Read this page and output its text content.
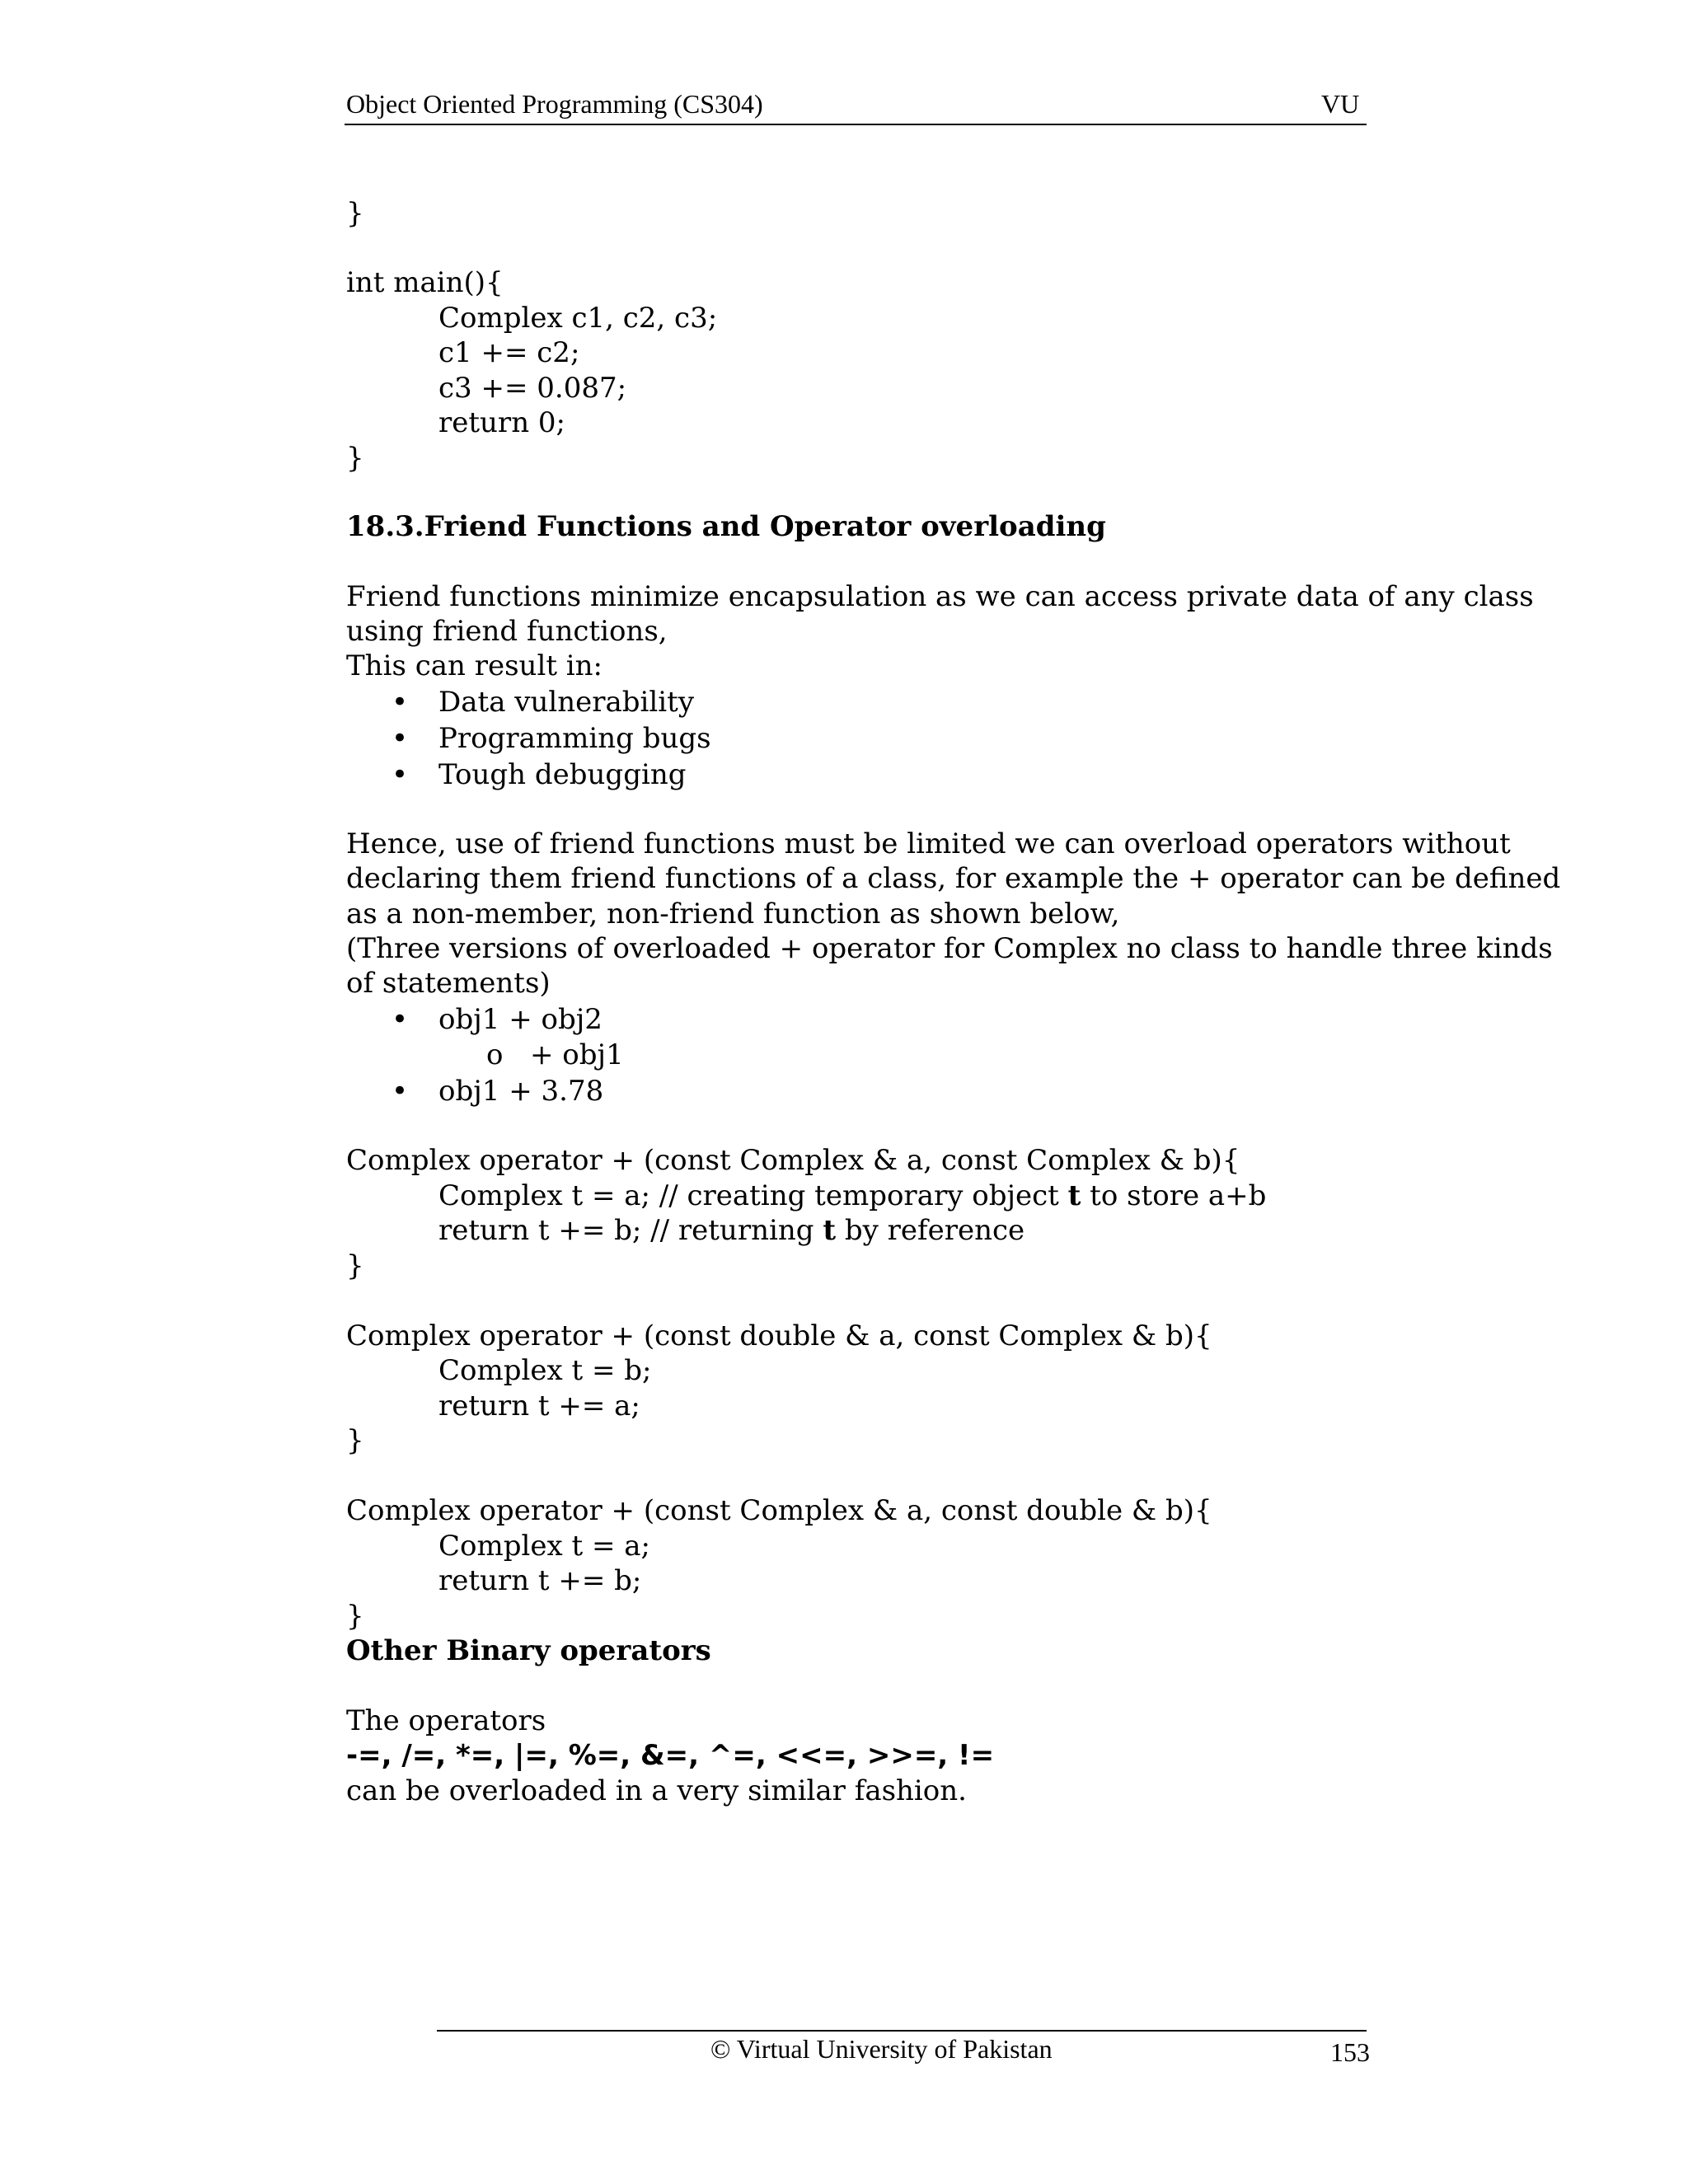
Object Oriented Programming (CS304)	VU
}
int main(){
Complex c1, c2, c3;
c1 += c2;
c3 += 0.087;
return 0;
}
18.3.Friend Functions and Operator overloading
Friend functions minimize encapsulation as we can access private data of any class
using friend functions,
This can result in:
• Data vulnerability
• Programming bugs
• Tough debugging
Hence, use of friend functions must be limited we can overload operators without
declaring them friend functions of a class, for example the + operator can be defined
as a non-member, non-friend function as shown below,
(Three versions of overloaded + operator for Complex no class to handle three kinds
of statements)
• obj1 + obj2
o + obj1
• obj1 + 3.78
Complex operator + (const Complex & a, const Complex & b){
Complex t = a; // creating temporary object t to store a+b
return t += b; // returning t by reference
}
Complex operator + (const double & a, const Complex & b){
Complex t = b;
return t += a;
}
Complex operator + (const Complex & a, const double & b){
Complex t = a;
return t += b;
}
Other Binary operators
The operators
-=, /=, *=, |=, %=, &=, ^=, <<=, >>=, !=
can be overloaded in a very similar fashion.
© Virtual University of Pakistan	153
